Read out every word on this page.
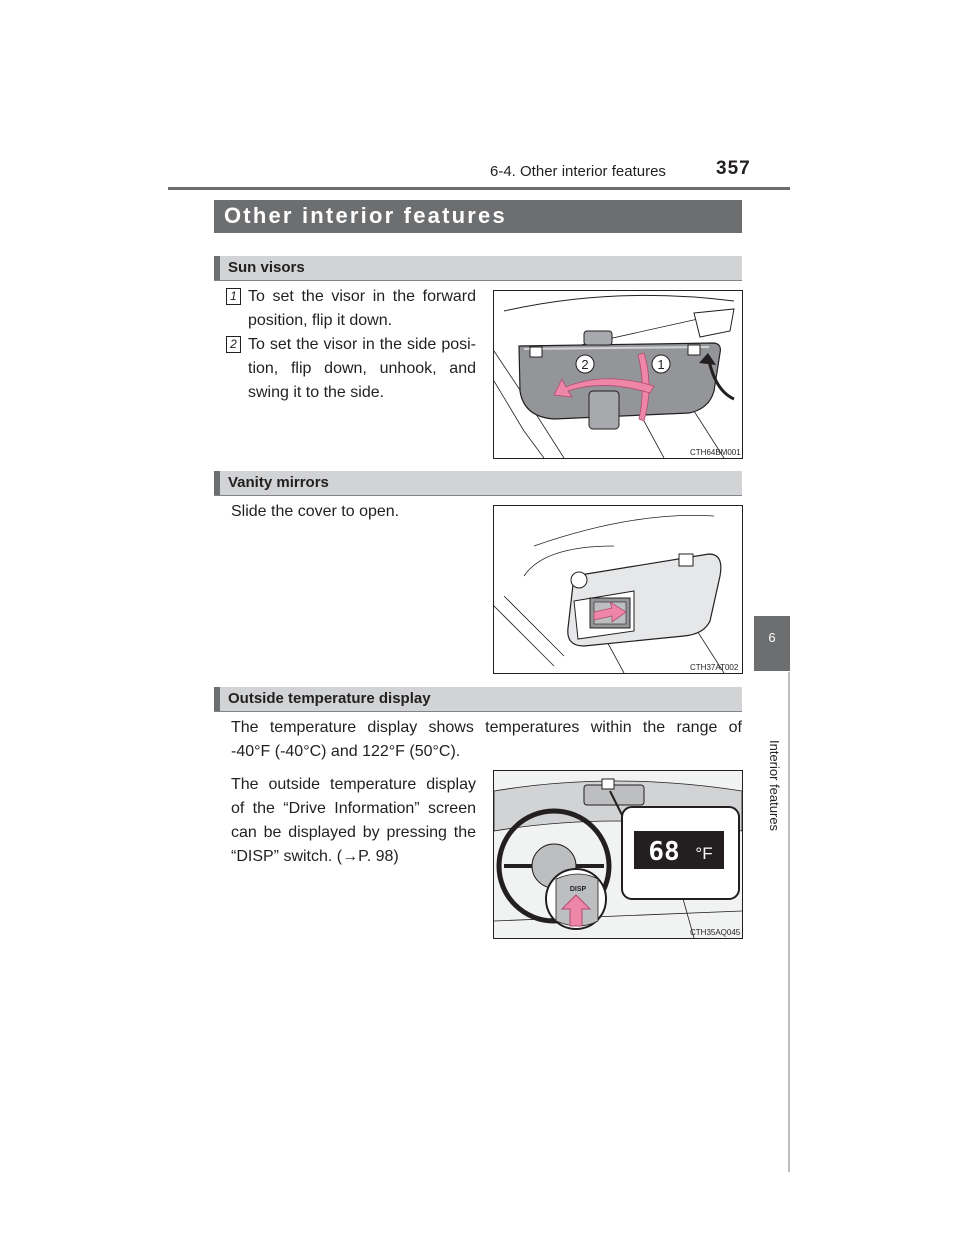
6-4. Other interior features	357
6
Interior features
Other interior features
Sun visors
1 To set the visor in the forward
position, flip it down.
2 To set the visor in the side posi-
tion, flip down, unhook, and
swing it to the side.
2	1
CTH64BM001
Vanity mirrors
Slide the cover to open.
CTH37AT002
Outside temperature display
The temperature display shows temperatures within the range of
-40°F (-40°C) and 122°F (50°C).
The outside temperature display
of the “Drive Information” screen
can be displayed by pressing the
“DISP” switch. (→P. 98)	68 °F
DISP
CTH35AQ045
